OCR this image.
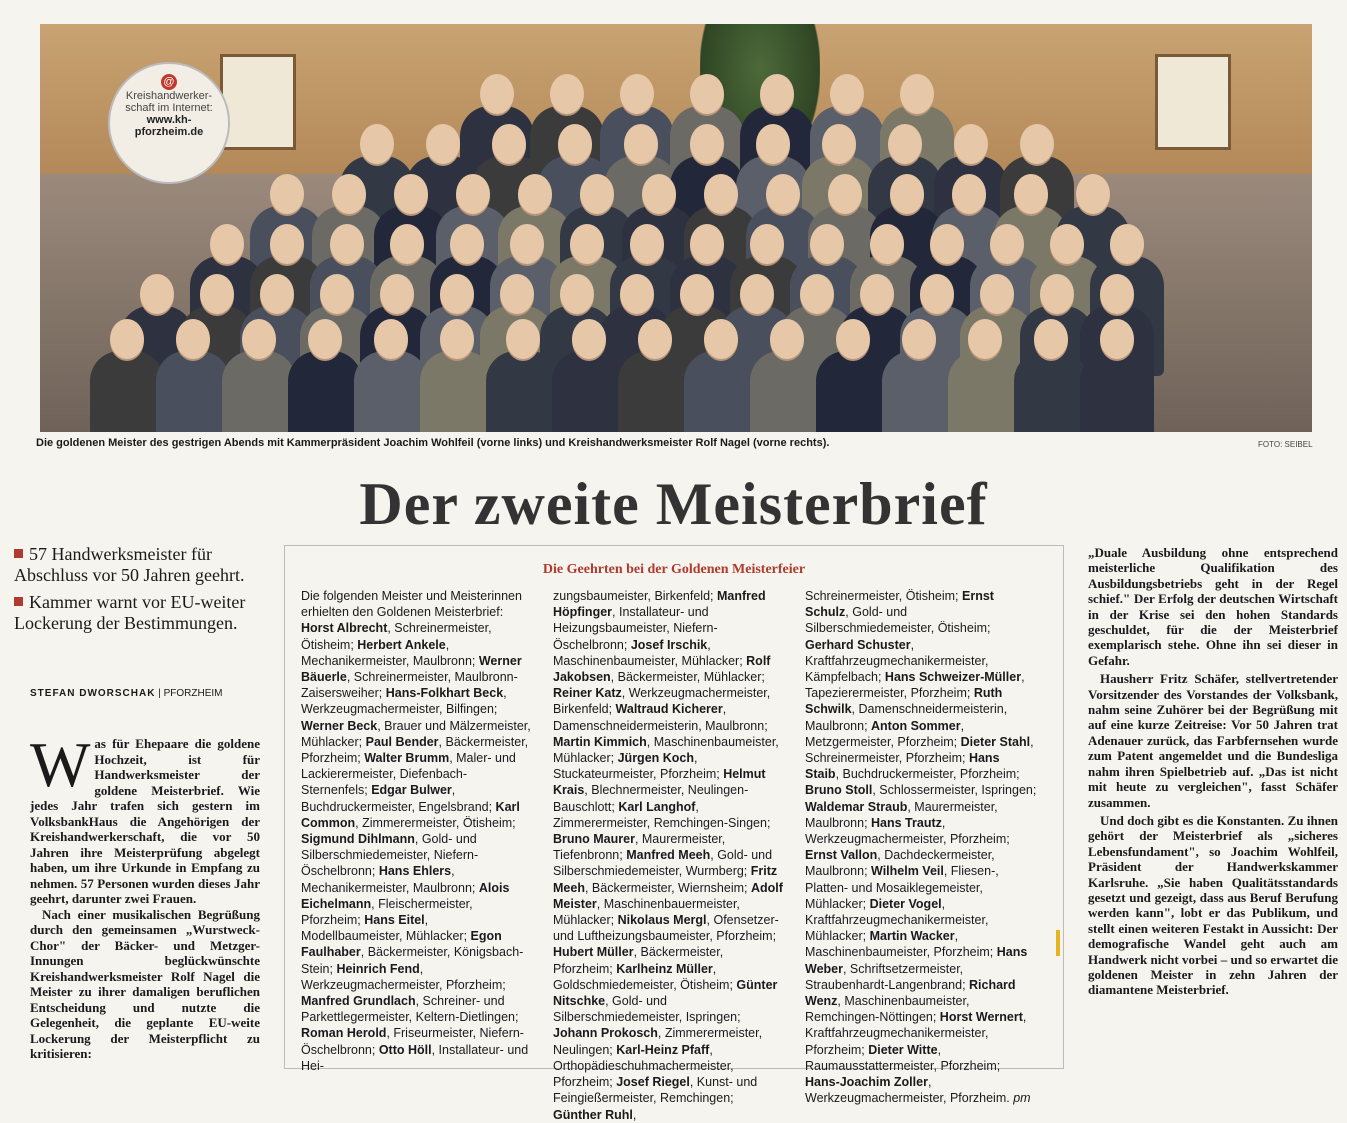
@
Kreishandwerker-
schaft im Internet:
www.kh-
pforzheim.de
Die goldenen Meister des gestrigen Abends mit Kammerpräsident Joachim Wohlfeil (vorne links) und Kreishandwerksmeister Rolf Nagel (vorne rechts).	FOTO: SEIBEL
Der zweite Meisterbrief
57 Handwerksmeister für Abschluss vor 50 Jahren geehrt.
Kammer warnt vor EU-weiter Lockerung der Bestimmungen.
STEFAN DWORSCHAK | PFORZHEIM

Was für Ehepaare die goldene Hochzeit, ist für Handwerksmeister der goldene Meisterbrief. Wie jedes Jahr trafen sich gestern im VolksbankHaus die Angehörigen der Kreishandwerkerschaft, die vor 50 Jahren ihre Meisterprüfung abgelegt haben, um ihre Urkunde in Empfang zu nehmen. 57 Personen wurden dieses Jahr geehrt, darunter zwei Frauen.

Nach einer musikalischen Begrüßung durch den gemeinsamen „Wurstweck-Chor" der Bäcker- und Metzger-Innungen beglückwünschte Kreishandwerksmeister Rolf Nagel die Meister zu ihrer damaligen beruflichen Entscheidung und nutzte die Gelegenheit, die geplante EU-weite Lockerung der Meisterpflicht zu kritisieren:

Die Geehrten bei der Goldenen Meisterfeier
Die folgenden Meister und Meisterinnen erhielten den Goldenen Meisterbrief: Horst Albrecht, Schreinermeister, Ötisheim; Herbert Ankele, Mechanikermeister, Maulbronn; Werner Bäuerle, Schreinermeister, Maulbronn-Zaisersweiher; Hans-Folkhart Beck, Werkzeugmachermeister, Bilfingen; Werner Beck, Brauer und Mälzermeister, Mühlacker; Paul Bender, Bäckermeister, Pforzheim; Walter Brumm, Maler- und Lackierermeister, Diefenbach-Sternenfels; Edgar Bulwer, Buchdruckermeister, Engelsbrand; Karl Common, Zimmerermeister, Ötisheim; Sigmund Dihlmann, Gold- und Silberschmiedemeister, Niefern-Öschelbronn; Hans Ehlers, Mechanikermeister, Maulbronn; Alois Eichelmann, Fleischermeister, Pforzheim; Hans Eitel, Modellbaumeister, Mühlacker; Egon Faulhaber, Bäckermeister, Königsbach-Stein; Heinrich Fend, Werkzeugmachermeister, Pforzheim; Manfred Grundlach, Schreiner- und Parkettlegermeister, Keltern-Dietlingen; Roman Herold, Friseurmeister, Niefern-Öschelbronn; Otto Höll, Installateur- und Hei-
zungsbaumeister, Birkenfeld; Manfred Höpfinger, Installateur- und Heizungsbaumeister, Niefern-Öschelbronn; Josef Irschik, Maschinenbaumeister, Mühlacker; Rolf Jakobsen, Bäckermeister, Mühlacker; Reiner Katz, Werkzeugmachermeister, Birkenfeld; Waltraud Kicherer, Damenschneidermeisterin, Maulbronn; Martin Kimmich, Maschinenbaumeister, Mühlacker; Jürgen Koch, Stuckateurmeister, Pforzheim; Helmut Krais, Blechnermeister, Neulingen-Bauschlott; Karl Langhof, Zimmerermeister, Remchingen-Singen; Bruno Maurer, Maurermeister, Tiefenbronn; Manfred Meeh, Gold- und Silberschmiedemeister, Wurmberg; Fritz Meeh, Bäckermeister, Wiernsheim; Adolf Meister, Maschinenbauermeister, Mühlacker; Nikolaus Mergl, Ofensetzer- und Luftheizungsbaumeister, Pforzheim; Hubert Müller, Bäckermeister, Pforzheim; Karlheinz Müller, Goldschmiedemeister, Ötisheim; Günter Nitschke, Gold- und Silberschmiedemeister, Ispringen; Johann Prokosch, Zimmerermeister, Neulingen; Karl-Heinz Pfaff, Orthopädieschuhmachermeister, Pforzheim; Josef Riegel, Kunst- und Feingießermeister, Remchingen; Günther Ruhl,
Schreinermeister, Ötisheim; Ernst Schulz, Gold- und Silberschmiedemeister, Ötisheim; Gerhard Schuster, Kraftfahrzeugmechanikermeister, Kämpfelbach; Hans Schweizer-Müller, Tapezierermeister, Pforzheim; Ruth Schwilk, Damenschneidermeisterin, Maulbronn; Anton Sommer, Metzgermeister, Pforzheim; Dieter Stahl, Schreinermeister, Pforzheim; Hans Staib, Buchdruckermeister, Pforzheim; Bruno Stoll, Schlossermeister, Ispringen; Waldemar Straub, Maurermeister, Maulbronn; Hans Trautz, Werkzeugmachermeister, Pforzheim; Ernst Vallon, Dachdeckermeister, Maulbronn; Wilhelm Veil, Fliesen-, Platten- und Mosaiklegemeister, Mühlacker; Dieter Vogel, Kraftfahrzeugmechanikermeister, Mühlacker; Martin Wacker, Maschinenbaumeister, Pforzheim; Hans Weber, Schriftsetzermeister, Straubenhardt-Langenbrand; Richard Wenz, Maschinenbaumeister, Remchingen-Nöttingen; Horst Wernert, Kraftfahrzeugmechanikermeister, Pforzheim; Dieter Witte, Raumausstattermeister, Pforzheim; Hans-Joachim Zoller, Werkzeugmachermeister, Pforzheim. pm

„Duale Ausbildung ohne entsprechend meisterliche Qualifikation des Ausbildungsbetriebs geht in der Regel schief." Der Erfolg der deutschen Wirtschaft in der Krise sei den hohen Standards geschuldet, für die der Meisterbrief exemplarisch stehe. Ohne ihn sei dieser in Gefahr.

Hausherr Fritz Schäfer, stellvertretender Vorsitzender des Vorstandes der Volksbank, nahm seine Zuhörer bei der Begrüßung mit auf eine kurze Zeitreise: Vor 50 Jahren trat Adenauer zurück, das Farbfernsehen wurde zum Patent angemeldet und die Bundesliga nahm ihren Spielbetrieb auf. „Das ist nicht mit heute zu vergleichen", fasst Schäfer zusammen.

Und doch gibt es die Konstanten. Zu ihnen gehört der Meisterbrief als „sicheres Lebensfundament", so Joachim Wohlfeil, Präsident der Handwerkskammer Karlsruhe. „Sie haben Qualitätsstandards gesetzt und gezeigt, dass aus Beruf Berufung werden kann", lobt er das Publikum, und stellt einen weiteren Festakt in Aussicht: Der demografische Wandel geht auch am Handwerk nicht vorbei – und so erwartet die goldenen Meister in zehn Jahren der diamantene Meisterbrief.
